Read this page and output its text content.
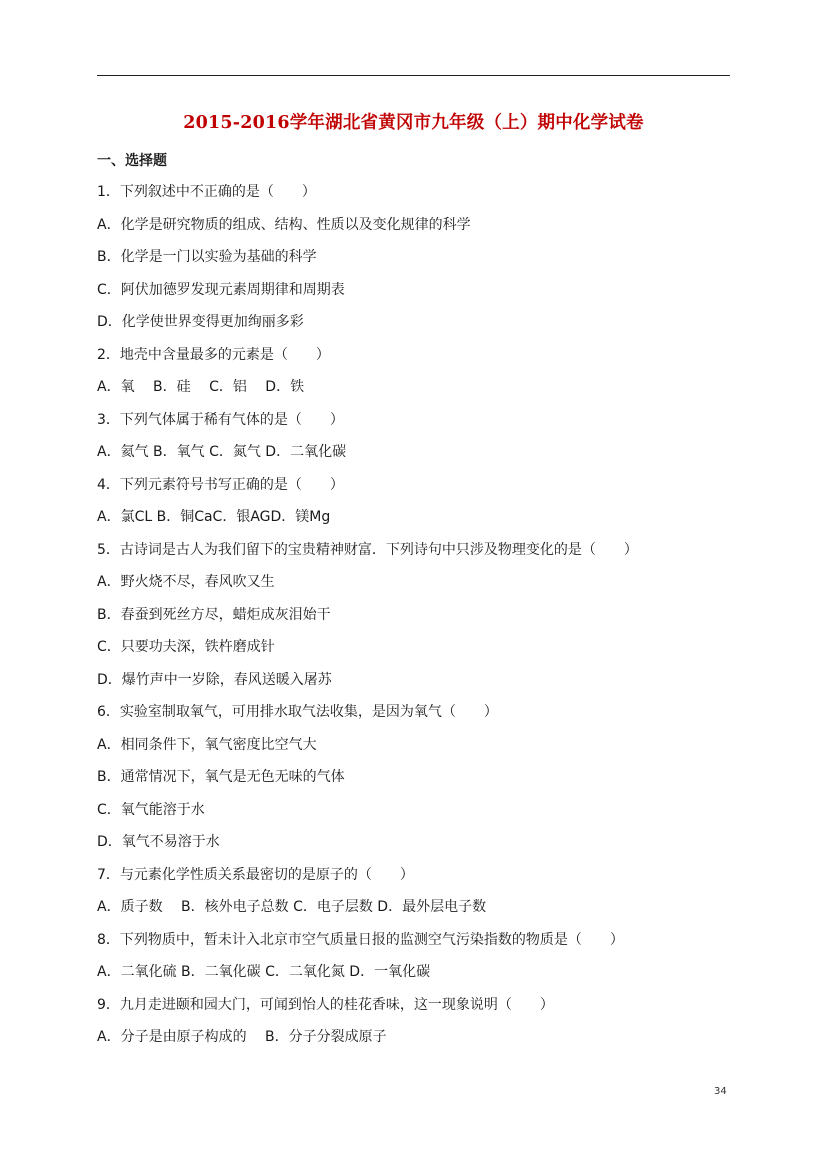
2015-2016学年湖北省黄冈市九年级（上）期中化学试卷
一、选择题
1．下列叙述中不正确的是（　　）
A．化学是研究物质的组成、结构、性质以及变化规律的科学
B．化学是一门以实验为基础的科学
C．阿伏加德罗发现元素周期律和周期表
D．化学使世界变得更加绚丽多彩
2．地壳中含量最多的元素是（　　）
A．氧　 B．硅　 C．铝　 D．铁
3．下列气体属于稀有气体的是（　　）
A．氦气 B．氧气 C．氮气 D．二氧化碳
4．下列元素符号书写正确的是（　　）
A．氯CL B．铜CaC．银AGD．镁Mg
5．古诗词是古人为我们留下的宝贵精神财富．下列诗句中只涉及物理变化的是（　　）
A．野火烧不尽，春风吹又生
B．春蚕到死丝方尽，蜡炬成灰泪始干
C．只要功夫深，铁杵磨成针
D．爆竹声中一岁除，春风送暖入屠苏
6．实验室制取氧气，可用排水取气法收集，是因为氧气（　　）
A．相同条件下，氧气密度比空气大
B．通常情况下，氧气是无色无味的气体
C．氧气能溶于水
D．氧气不易溶于水
7．与元素化学性质关系最密切的是原子的（　　）
A．质子数　 B．核外电子总数 C．电子层数 D．最外层电子数
8．下列物质中，暂未计入北京市空气质量日报的监测空气污染指数的物质是（　　）
A．二氧化硫 B．二氧化碳 C．二氧化氮 D．一氧化碳
9．九月走进颐和园大门，可闻到怡人的桂花香味，这一现象说明（　　）
A．分子是由原子构成的　 B．分子分裂成原子
34
